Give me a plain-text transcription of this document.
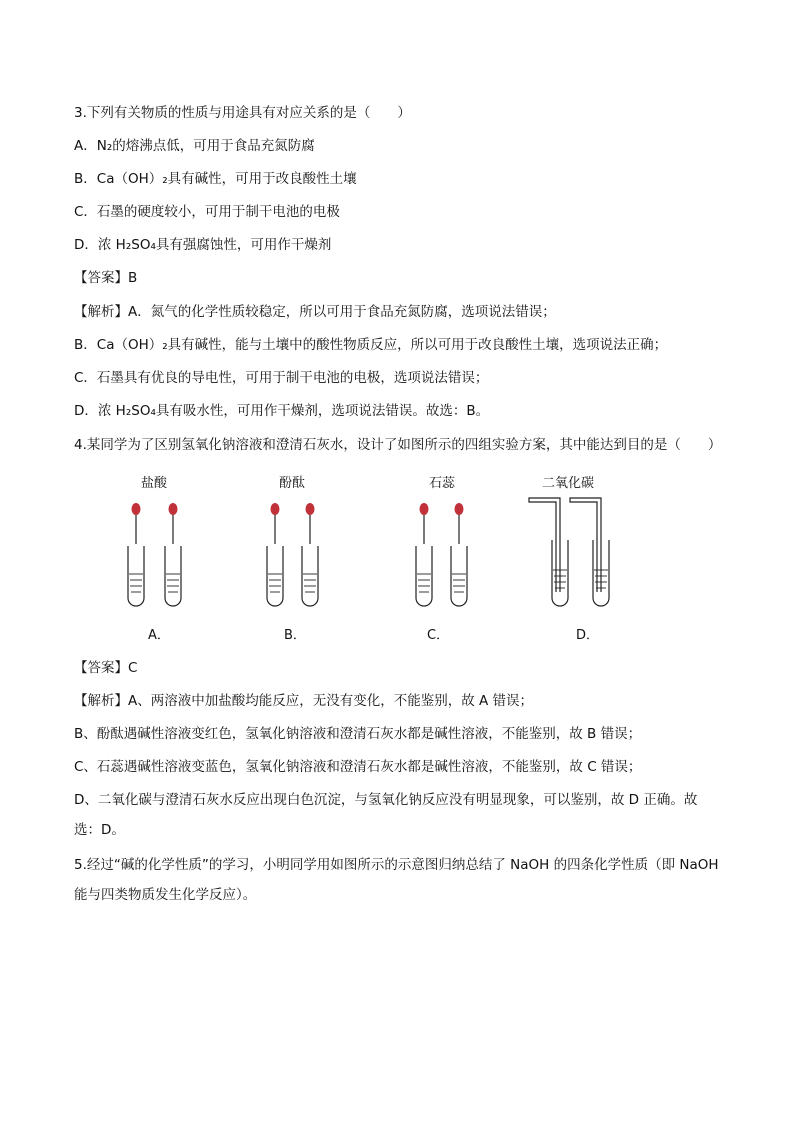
3.下列有关物质的性质与用途具有对应关系的是（　　）
A．N₂的熔沸点低，可用于食品充氮防腐
B．Ca（OH）₂具有碱性，可用于改良酸性土壤
C．石墨的硬度较小，可用于制干电池的电极
D．浓 H₂SO₄具有强腐蚀性，可用作干燥剂
【答案】B
【解析】A．氮气的化学性质较稳定，所以可用于食品充氮防腐，选项说法错误；
B．Ca（OH）₂具有碱性，能与土壤中的酸性物质反应，所以可用于改良酸性土壤，选项说法正确；
C．石墨具有优良的导电性，可用于制干电池的电极，选项说法错误；
D．浓 H₂SO₄具有吸水性，可用作干燥剂，选项说法错误。故选：B。
4.某同学为了区别氢氧化钠溶液和澄清石灰水，设计了如图所示的四组实验方案，其中能达到目的是（　　）
盐酸	酚酞	石蕊	二氧化碳
A．	B．	C．	D．
【答案】C
【解析】A、两溶液中加盐酸均能反应，无没有变化，不能鉴别，故 A 错误；
B、酚酞遇碱性溶液变红色，氢氧化钠溶液和澄清石灰水都是碱性溶液，不能鉴别，故 B 错误；
C、石蕊遇碱性溶液变蓝色，氢氧化钠溶液和澄清石灰水都是碱性溶液，不能鉴别，故 C 错误；
D、二氧化碳与澄清石灰水反应出现白色沉淀，与氢氧化钠反应没有明显现象，可以鉴别，故 D 正确。故选：D。
5.经过“碱的化学性质”的学习，小明同学用如图所示的示意图归纳总结了 NaOH 的四条化学性质（即 NaOH 能与四类物质发生化学反应）。
